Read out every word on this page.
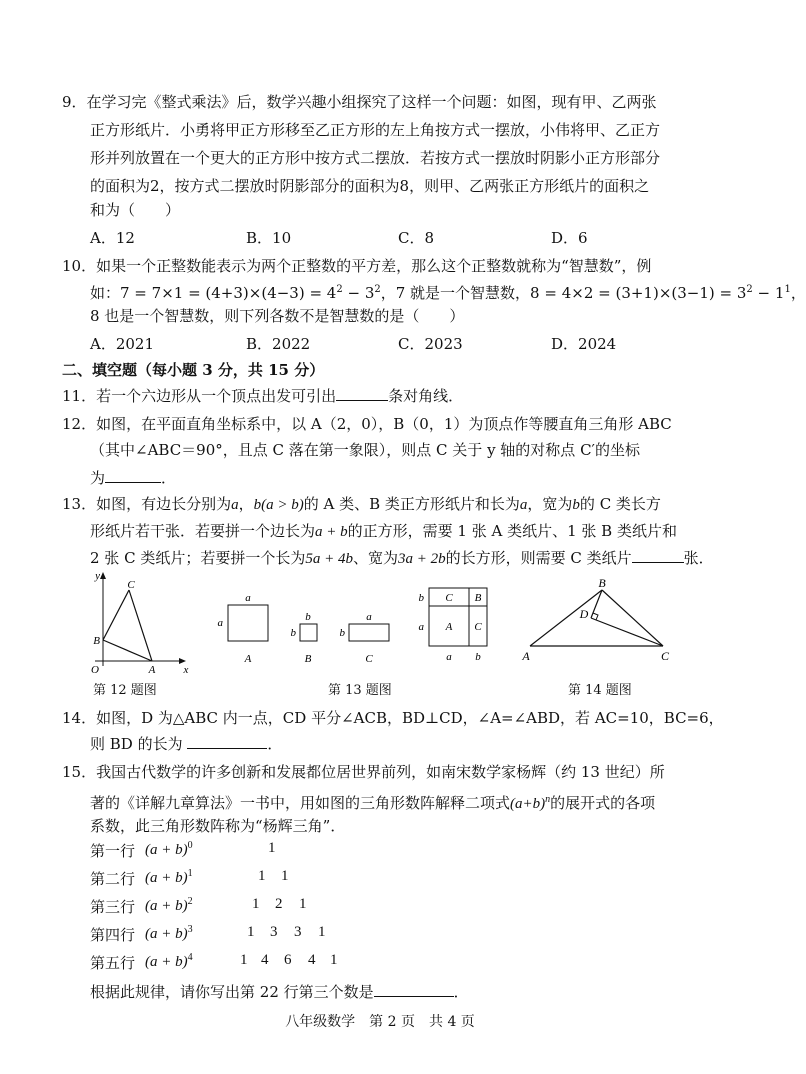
9．在学习完《整式乘法》后，数学兴趣小组探究了这样一个问题：如图，现有甲、乙两张
正方形纸片．小勇将甲正方形移至乙正方形的左上角按方式一摆放，小伟将甲、乙正方
形并列放置在一个更大的正方形中按方式二摆放．若按方式一摆放时阴影小正方形部分
的面积为2，按方式二摆放时阴影部分的面积为8，则甲、乙两张正方形纸片的面积之
和为（　　）
A．12	B．10	C．8	D．6
10．如果一个正整数能表示为两个正整数的平方差，那么这个正整数就称为“智慧数”，例
如：$7 = 7\times 1 = (4+3)\times(4-3) = 4^2 - 3^2$，7 就是一个智慧数，$8 = 4\times 2 = (3+1)\times(3-1) = 3^2 - 1^1$，
8 也是一个智慧数，则下列各数不是智慧数的是（　　）
A．2021	B．2022	C．2023	D．2024
二、填空题（每小题 3 分，共 15 分）
11．若一个六边形从一个顶点出发可引出	条对角线．
12．如图，在平面直角坐标系中，以 A（2，0），B（0，1）为顶点作等腰直角三角形 ABC
（其中∠ABC＝90°，且点 C 落在第一象限），则点 C 关于 y 轴的对称点 C′的坐标
为	．
13．如图，有边长分别为a，b(a > b)的 A 类、B 类正方形纸片和长为a，宽为b的 C 类长方
形纸片若干张．若要拼一个边长为a + b的正方形，需要 1 张 A 类纸片、1 张 B 类纸片和
2 张 C 类纸片；若要拼一个长为5a + 4b、宽为3a + 2b的长方形，则需要 C 类纸片	张．
y
x
O	A
B
C
第 12 题图
a
a
A
b
b
B
a
b
C
C B
A C
b
a
a b
第 13 题图
A
B
C
D
第 14 题图
14．如图，D 为△ABC 内一点，CD 平分∠ACB，BD⊥CD，∠A=∠ABD，若 AC=10，BC=6，
则 BD 的长为	．
15．我国古代数学的许多创新和发展都位居世界前列，如南宋数学家杨辉（约 13 世纪）所
著的《详解九章算法》一书中，用如图的三角形数阵解释二项式$(a+b)^n$的展开式的各项
系数，此三角形数阵称为“杨辉三角”．
第一行 $(a + b)^0$	1
第二行 $(a + b)^1$	1 1
第三行 $(a + b)^2$	1 2 1
第四行 $(a + b)^3$	1 3 3 1
第五行 $(a + b)^4$	1 4 6 4 1
根据此规律，请你写出第 22 行第三个数是	．
八年级数学　第 2 页　共 4 页
